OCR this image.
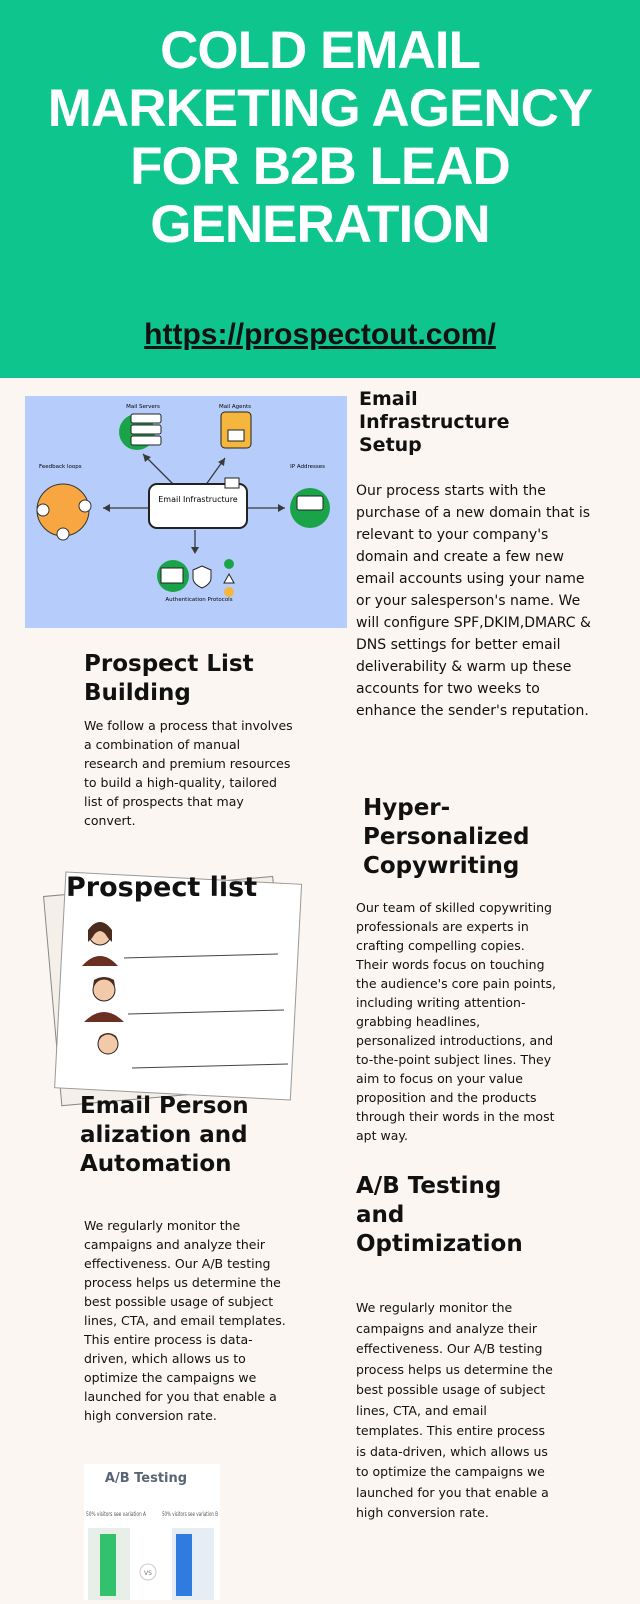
COLD EMAIL MARKETING AGENCY FOR B2B LEAD GENERATION
https://prospectout.com/
Email Infrastructure
Mail Servers	Mail Agents
Feedback loops	IP Addresses
Authentication Protocols
Email Infrastructure Setup
Our process starts with the purchase of a new domain that is relevant to your company's domain and create a few new email accounts using your name or your salesperson's name. We will configure SPF,DKIM,DMARC & DNS settings for better email deliverability & warm up these accounts for two weeks to enhance the sender's reputation.
Prospect List Building
We follow a process that involves a combination of manual research and premium resources to build a high-quality, tailored list of prospects that may convert.
Prospect list
Hyper-Personalized Copywriting
Our team of skilled copywriting professionals are experts in crafting compelling copies. Their words focus on touching the audience's core pain points, including writing attention-grabbing headlines, personalized introductions, and to-the-point subject lines. They aim to focus on your value proposition and the products through their words in the most apt way.
Email Personalization and Automation
We regularly monitor the campaigns and analyze their effectiveness. Our A/B testing process helps us determine the best possible usage of subject lines, CTA, and email templates. This entire process is data-driven, which allows us to optimize the campaigns we launched for you that enable a high conversion rate.
A/B Testing and Optimization
We regularly monitor the campaigns and analyze their effectiveness. Our A/B testing process helps us determine the best possible usage of subject lines, CTA, and email templates. This entire process is data-driven, which allows us to optimize the campaigns we launched for you that enable a high conversion rate.
A/B Testing
50% visitors see variation A	50% visitors see variation B
VS
